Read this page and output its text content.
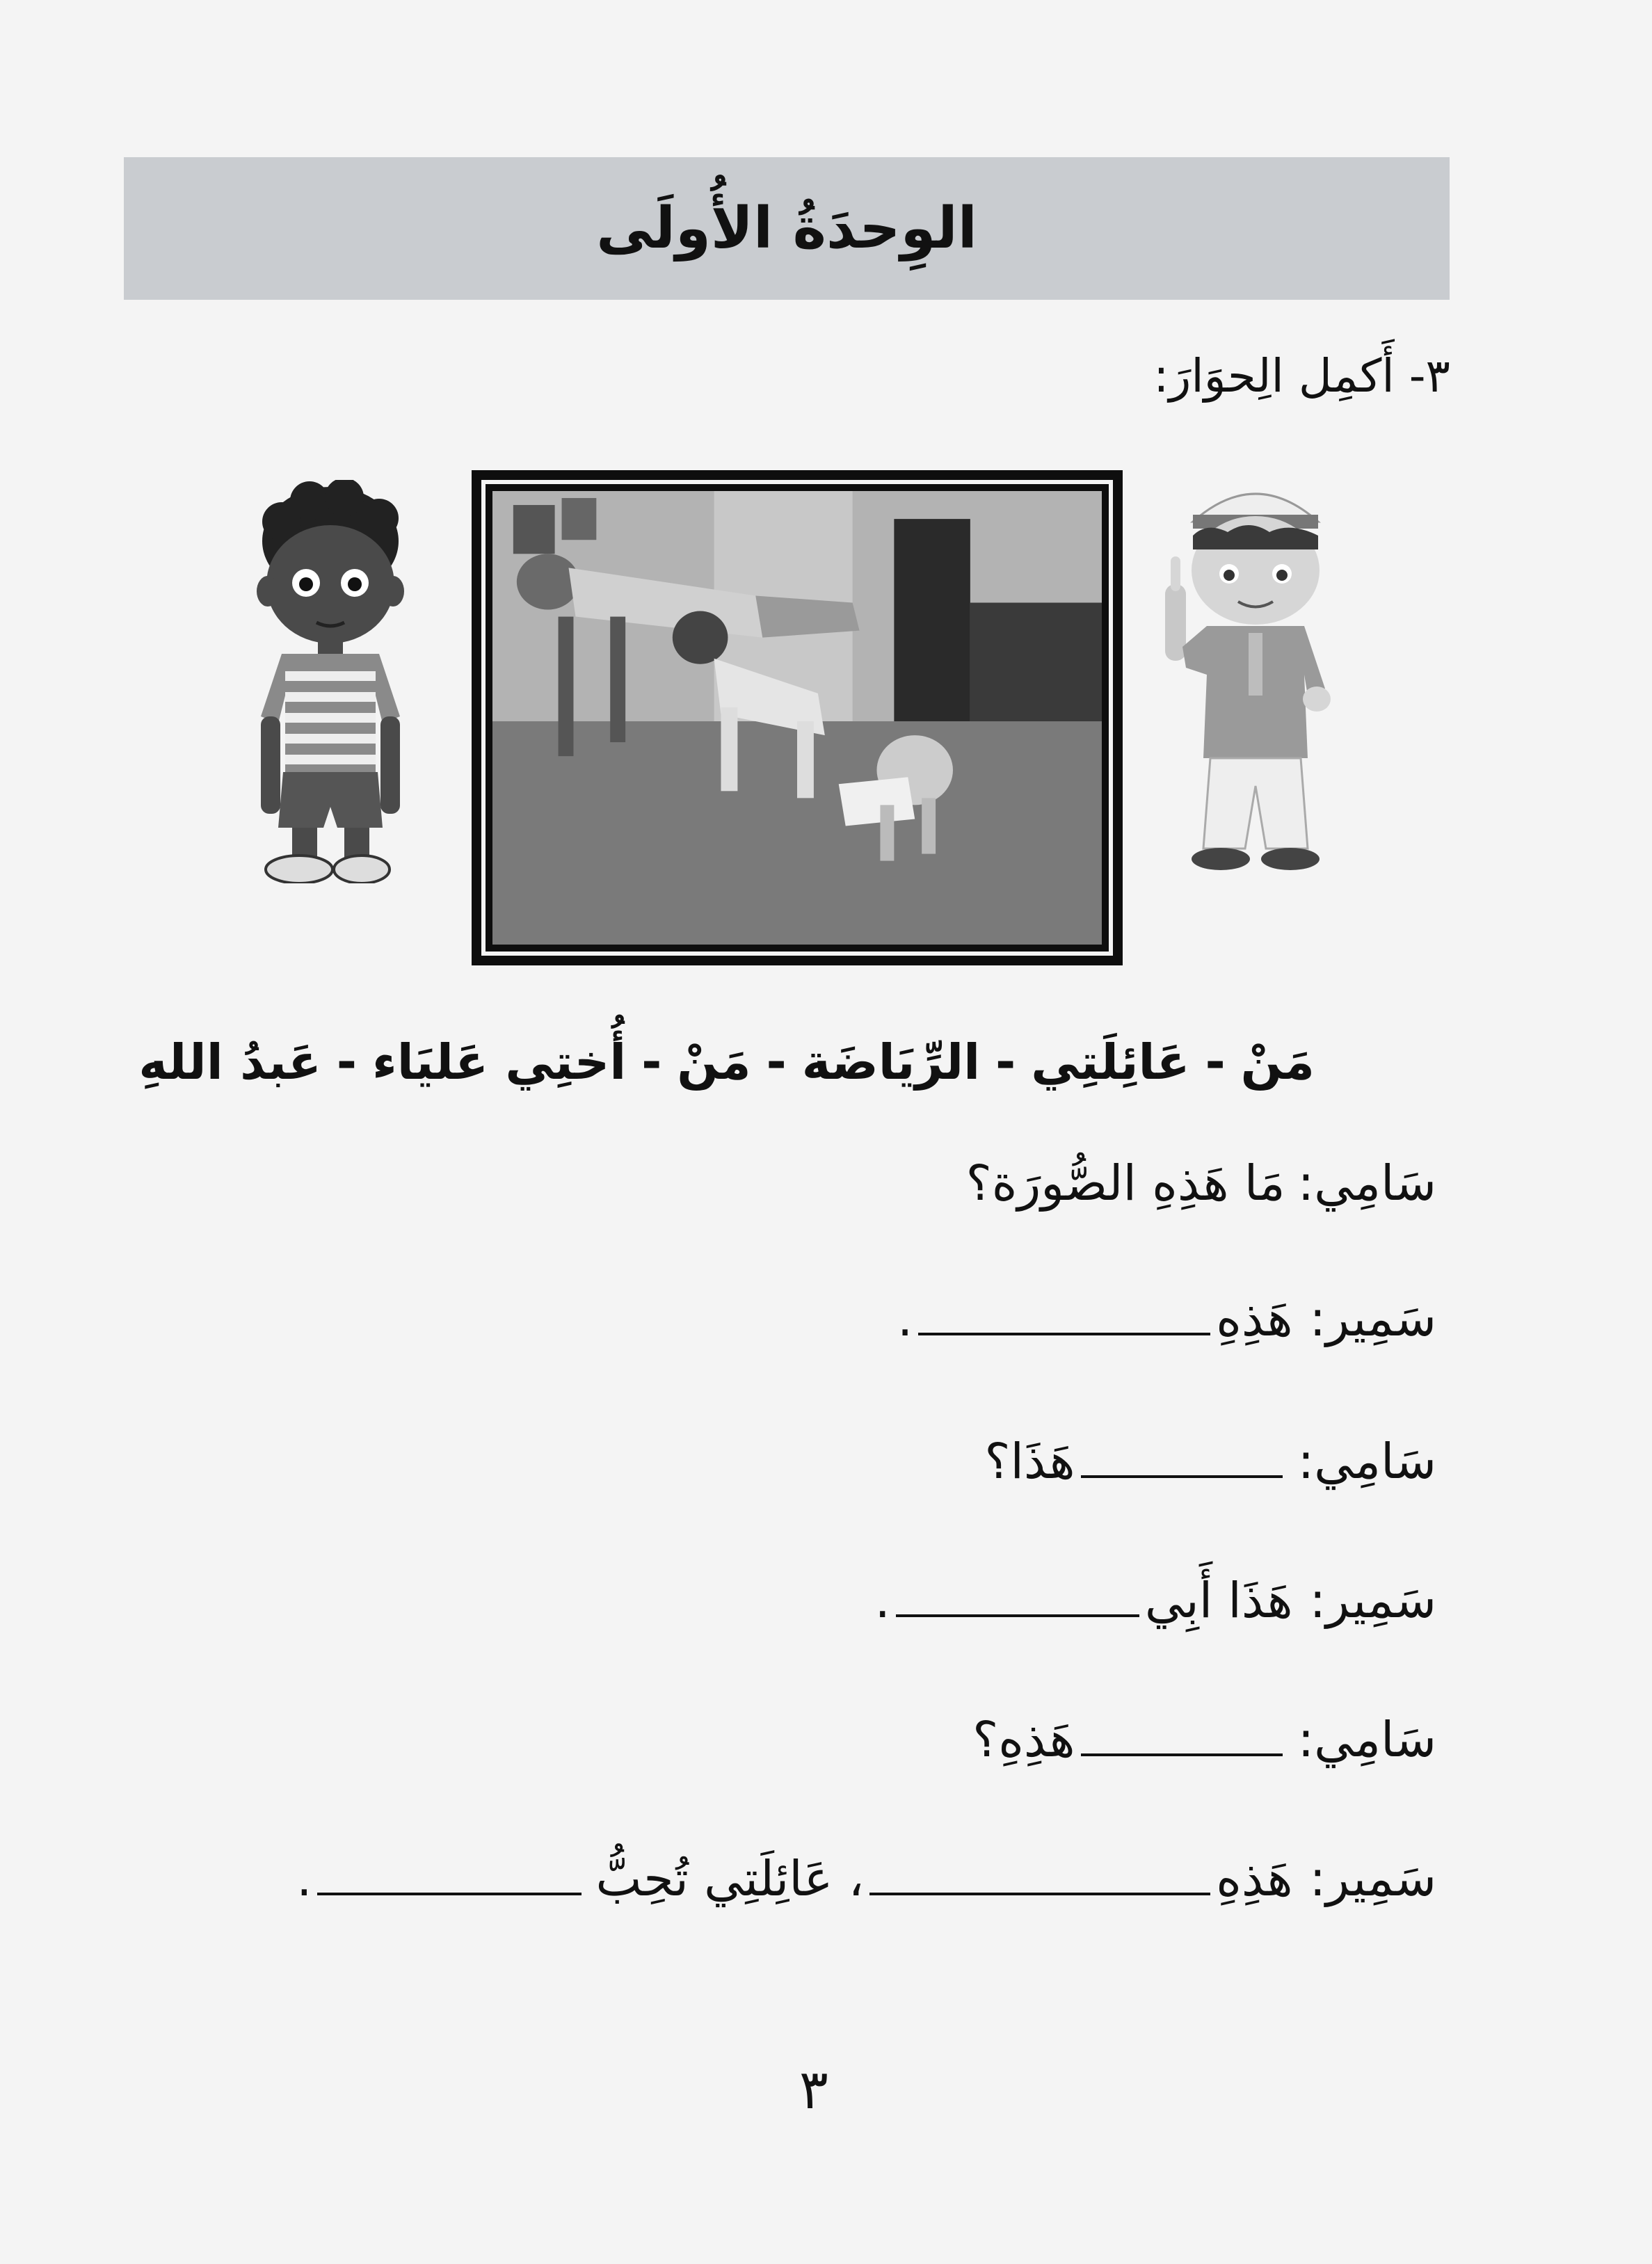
الوِحدَةُ الأُولَى
٣- أَكمِل الِحوَارَ:
مَنْ
-
عَائِلَتِي
-
الرِّيَاضَة
-
مَنْ
-
أُختِي عَليَاء
-
عَبدُ اللهِ
سَامِي:
مَا هَذِهِ الصُّورَة؟
سَمِير:
هَذِهِ
.
سَامِي:
هَذَا؟
سَمِير:
هَذَا أَبِي
.
سَامِي:
هَذِهِ؟
سَمِير:
هَذِهِ
، عَائِلَتِي تُحِبُّ
.
٣
